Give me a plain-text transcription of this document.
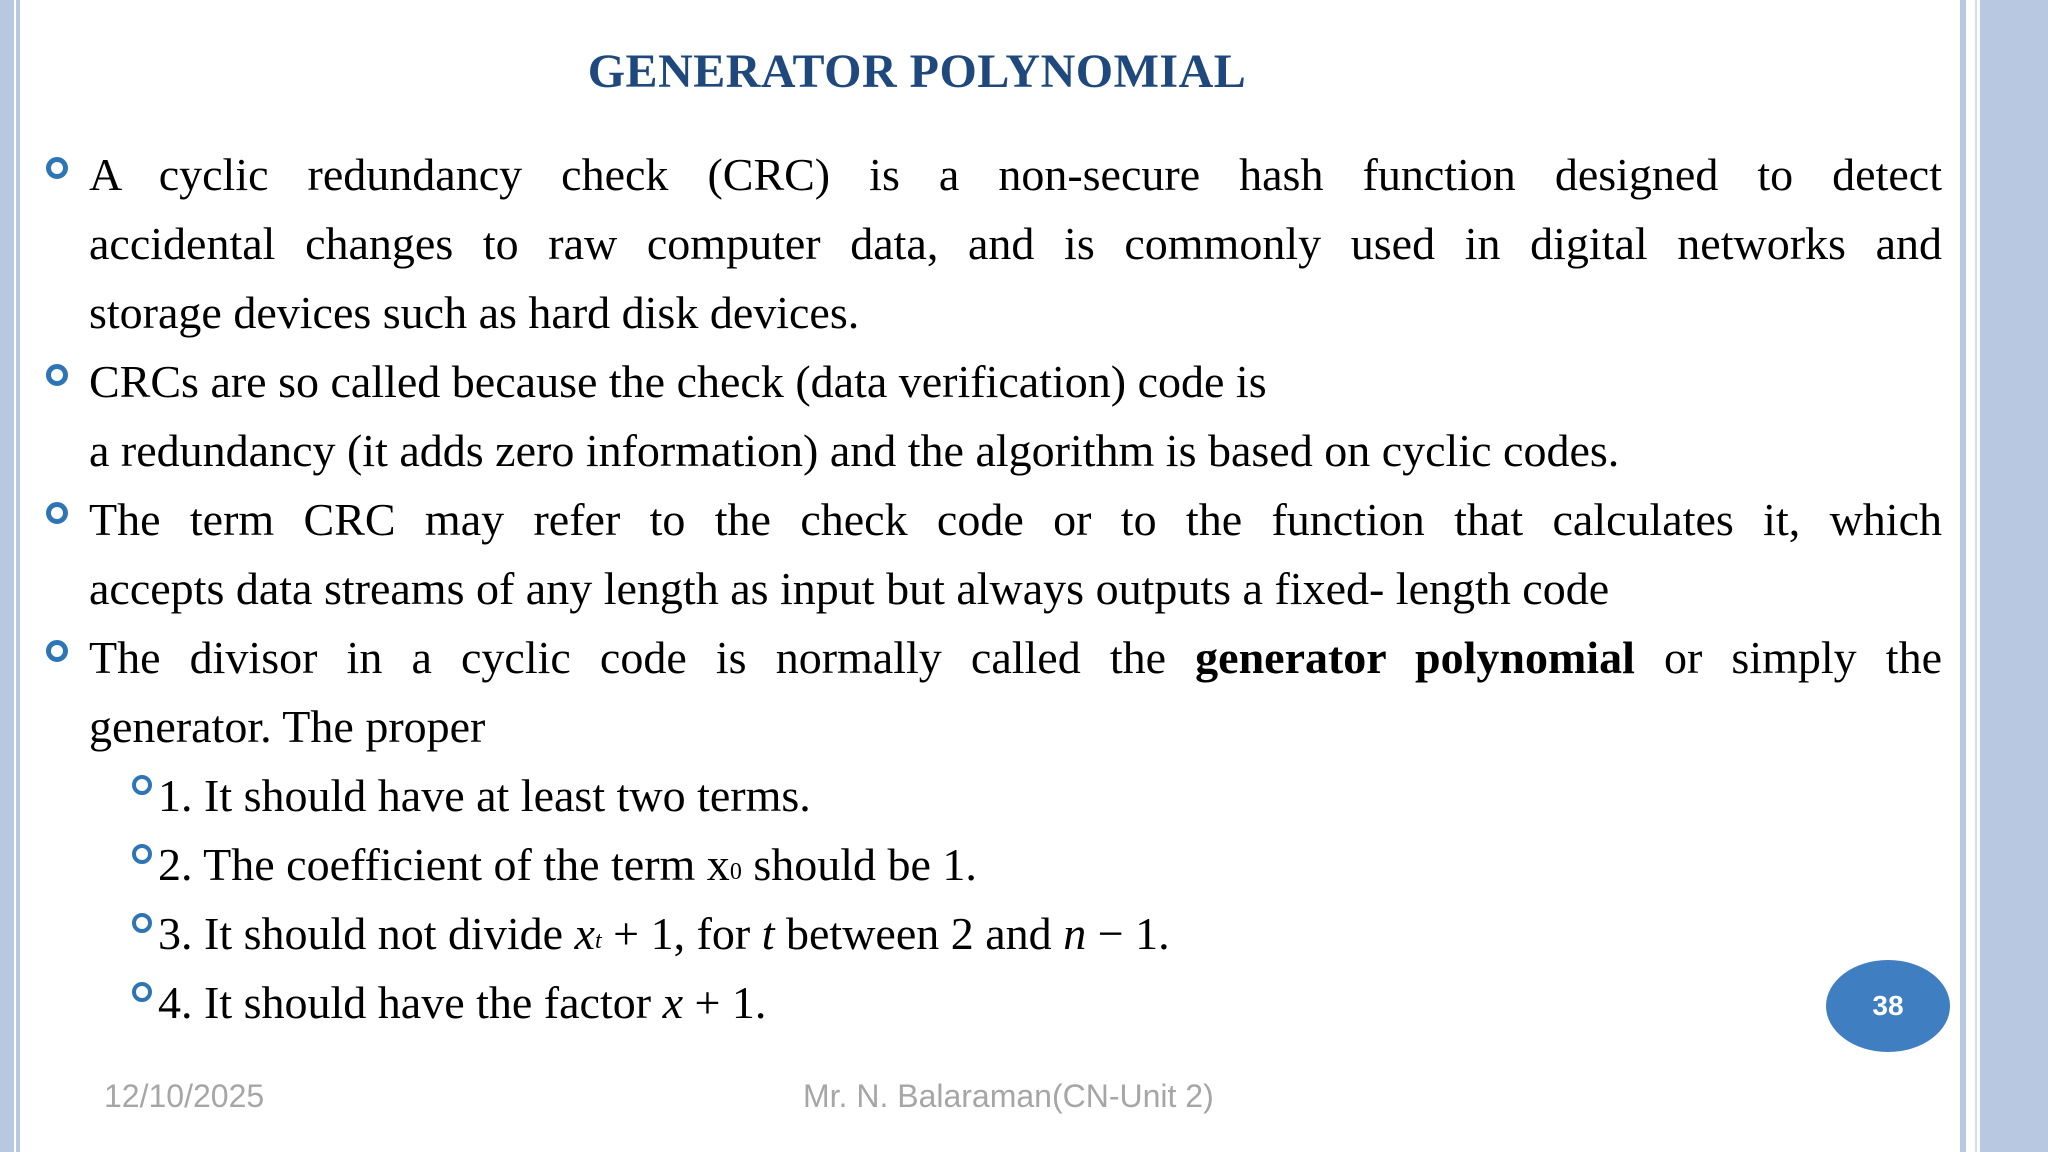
GENERATOR POLYNOMIAL
A cyclic redundancy check (CRC) is a non-secure hash function designed to detect
accidental changes to raw computer data, and is commonly used in digital networks and
storage devices such as hard disk devices.
CRCs are so called because the check (data verification) code is
a redundancy (it adds zero information) and the algorithm is based on cyclic codes.
The term CRC may refer to the check code or to the function that calculates it, which
accepts data streams of any length as input but always outputs a fixed- length code
The divisor in a cyclic code is normally called the generator polynomial or simply the
generator. The proper
1. It should have at least two terms.
2. The coefficient of the term $x^0$ should be 1.
3. It should not divide $x^t + 1$, for t between 2 and n − 1.
4. It should have the factor x + 1.	38
12/10/2025	Mr. N. Balaraman(CN-Unit 2)
